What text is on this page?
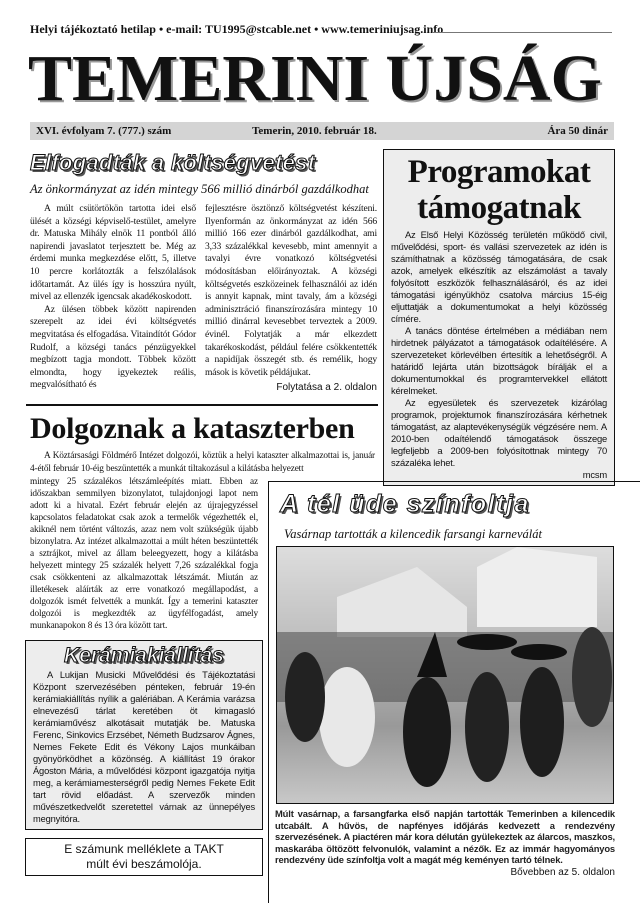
Helyi tájékoztató hetilap • e-mail: TU1995@stcable.net • www.temeriniujsag.info
TEMERINI ÚJSÁG
XVI. évfolyam 7. (777.) szám	Temerin, 2010. február 18.	Ára 50 dinár
Elfogadták a költségvetést
Az önkormányzat az idén mintegy 566 millió dinárból gazdálkodhat

A múlt csütörtökön tartotta idei első ülését a községi képviselő-testület, amelyre dr. Matuska Mihály elnök 11 pontból álló napirendi javaslatot terjesztett be. Még az érdemi munka megkezdése előtt, 5, illetve 10 percre korlátozták a felszólalások időtartamát. Az ülés így is hosszúra nyúlt, mivel az ellenzék igencsak akadékoskodott.

Az ülésen többek között napirenden szerepelt az idei évi költségvetés megvitatása és elfogadása. Vitaindítót Gódor Rudolf, a községi tanács pénzügyekkel megbízott tagja mondott. Többek között elmondta, hogy igyekeztek reális, megvalósítható és

fejlesztésre ösztönző költségvetést készíteni. Ilyenformán az önkormányzat az idén 566 millió 166 ezer dinárból gazdálkodhat, ami 3,33 százalékkal kevesebb, mint amennyit a tavalyi évre vonatkozó költségvetési módosításban előirányoztak. A községi költségvetés eszközeinek felhasználói az idén is annyit kapnak, mint tavaly, ám a községi adminisztráció finanszírozására mintegy 10 millió dinárral kevesebbet terveztek a 2009. évinél. Folytatják a már elkezdett takarékoskodást, például felére csökkentették a napidíjak összegét stb. és remélik, hogy mások is követik példájukat.
Folytatása a 2. oldalon
Programokat támogatnak

Az Első Helyi Közösség területén működő civil, művelődési, sport- és vallási szervezetek az idén is számíthatnak a közösség támogatására, de csak azok, amelyek elkészítik az elszámolást a tavaly folyósított eszközök felhasználásáról, és az idei támogatási igényükhöz csatolva március 15-éig eljuttatják a dokumentumokat a helyi közösség címére.

A tanács döntése értelmében a médiában nem hirdetnek pályázatot a támogatások odaítélésére. A szervezeteket körlevélben értesítik a lehetőségről. A határidő lejárta után bizottságok bírálják el a dokumentumokkal és programtervekkel ellátott kérelmeket.

Az egyesületek és szervezetek kizárólag programok, projektumok finanszírozására kérhetnek támogatást, az alaptevékenységük végzésére nem. A 2010-ben odaítélendő támogatások összege legfeljebb a 2009-ben folyósítottnak mintegy 70 százaléka lehet.

mcsm
Dolgoznak a kataszterben
A Köztársasági Földmérő Intézet dolgozói, köztük a helyi kataszter alkalmazottai is, január 4-étől február 10-éig beszüntették a munkát tiltakozásul a kilátásba helyezett
mintegy 25 százalékos létszámleépítés miatt. Ebben az időszakban semmilyen bizonylatot, tulajdonjogi lapot nem adott ki a hivatal. Ezért február elején az újrajegyzéssel kapcsolatos feladatokat csak azok a termelők végezhették el, akiknél nem történt változás, azaz nem volt szükségük újabb bizonylatra. Az intézet alkalmazottai a múlt héten beszüntették a sztrájkot, mivel az állam beleegyezett, hogy a kilátásba helyezett mintegy 25 százalék helyett 7,26 százalékkal fogja csak csökkenteni az alkalmazottak létszámát. Miután az illetékesek aláírták az erre vonatkozó megállapodást, a dolgozók ismét felvették a munkát. Így a temerini kataszter dolgozói is megkezdték az ügyfélfogadást, amely munkanapokon 8 és 13 óra között tart.
Kerámiakiállítás
A Lukijan Musicki Művelődési és Tájékoztatási Központ szervezésében pénteken, február 19-én kerámiakiállítás nyílik a galériában. A Kerámia varázsa elnevezésű tárlat keretében öt kimagasló kerámiaművész alkotásait mutatják be. Matuska Ferenc, Sinkovics Erzsébet, Németh Budzsarov Ágnes, Nemes Fekete Edit és Vékony Lajos munkáiban gyönyörködhet a közönség. A kiállítást 19 órakor Ágoston Mária, a művelődési központ igazgatója nyitja meg, a kerámiamesterségről pedig Nemes Fekete Edit tart rövid előadást. A szervezők minden művészetkedvelőt szeretettel várnak az ünnepélyes megnyitóra.
E számunk melléklete a TAKT
múlt évi beszámolója.
A tél üde színfoltja
Vasárnap tartották a kilencedik farsangi karneválát
Múlt vasárnap, a farsangfarka első napján tartották Temerinben a kilencedik utcabált. A hűvös, de napfényes időjárás kedvezett a rendezvény szervezésének. A piactéren már kora délután gyülekeztek az álarcos, maszkos, maskarába öltözött felvonulók, valamint a nézők. Ez az immár hagyományos rendezvény üde színfoltja volt a magát még keményen tartó télnek.
Bővebben az 5. oldalon
